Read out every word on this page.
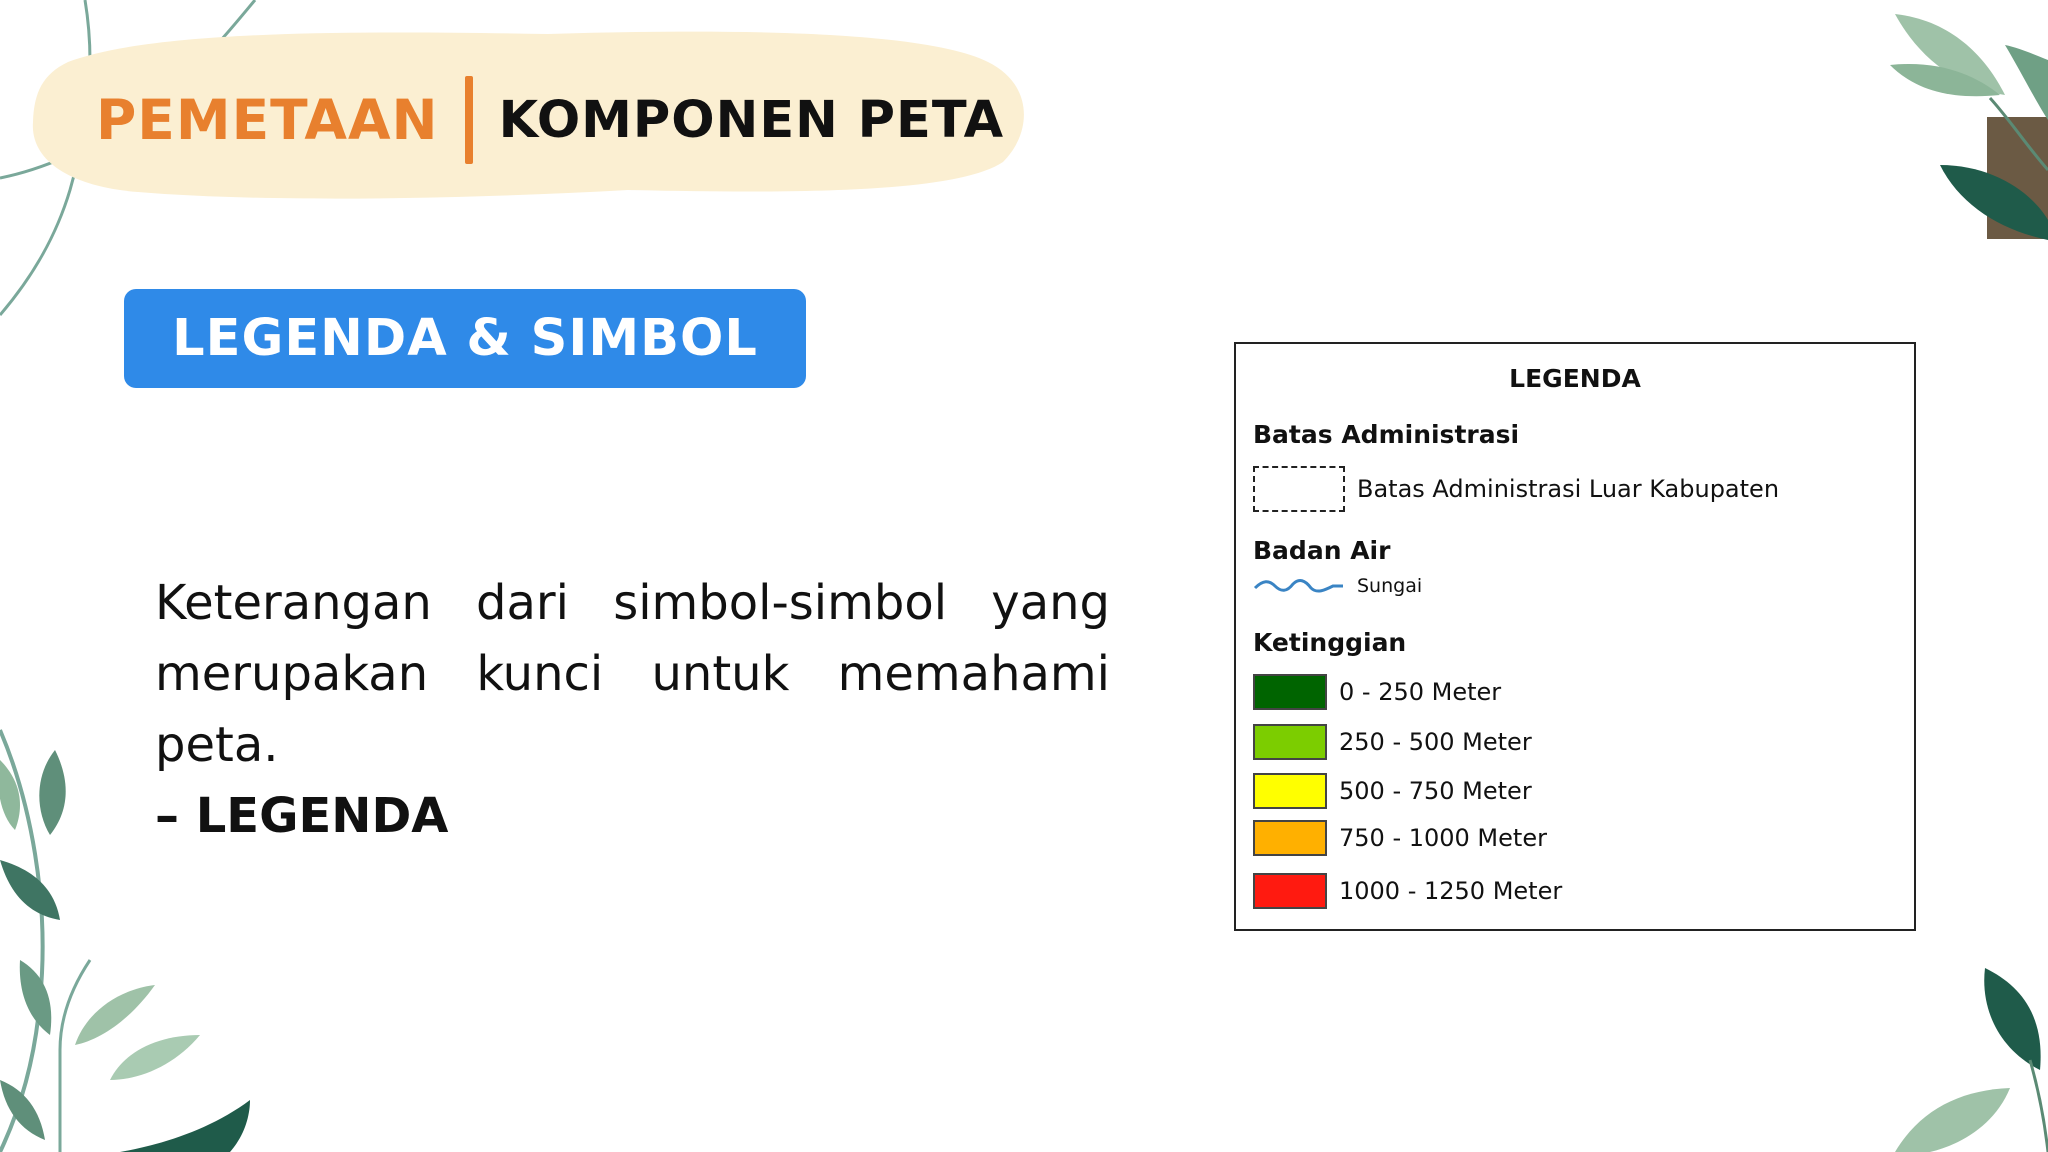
PEMETAAN KOMPONEN PETA
LEGENDA & SIMBOL
Keterangan dari simbol-simbol yang merupakan kunci untuk memahami peta.
– LEGENDA
LEGENDA
Batas Administrasi
Batas Administrasi Luar Kabupaten
Badan Air
Sungai
Ketinggian
0 - 250 Meter
250 - 500 Meter
500 - 750 Meter
750 - 1000 Meter
1000 - 1250 Meter
